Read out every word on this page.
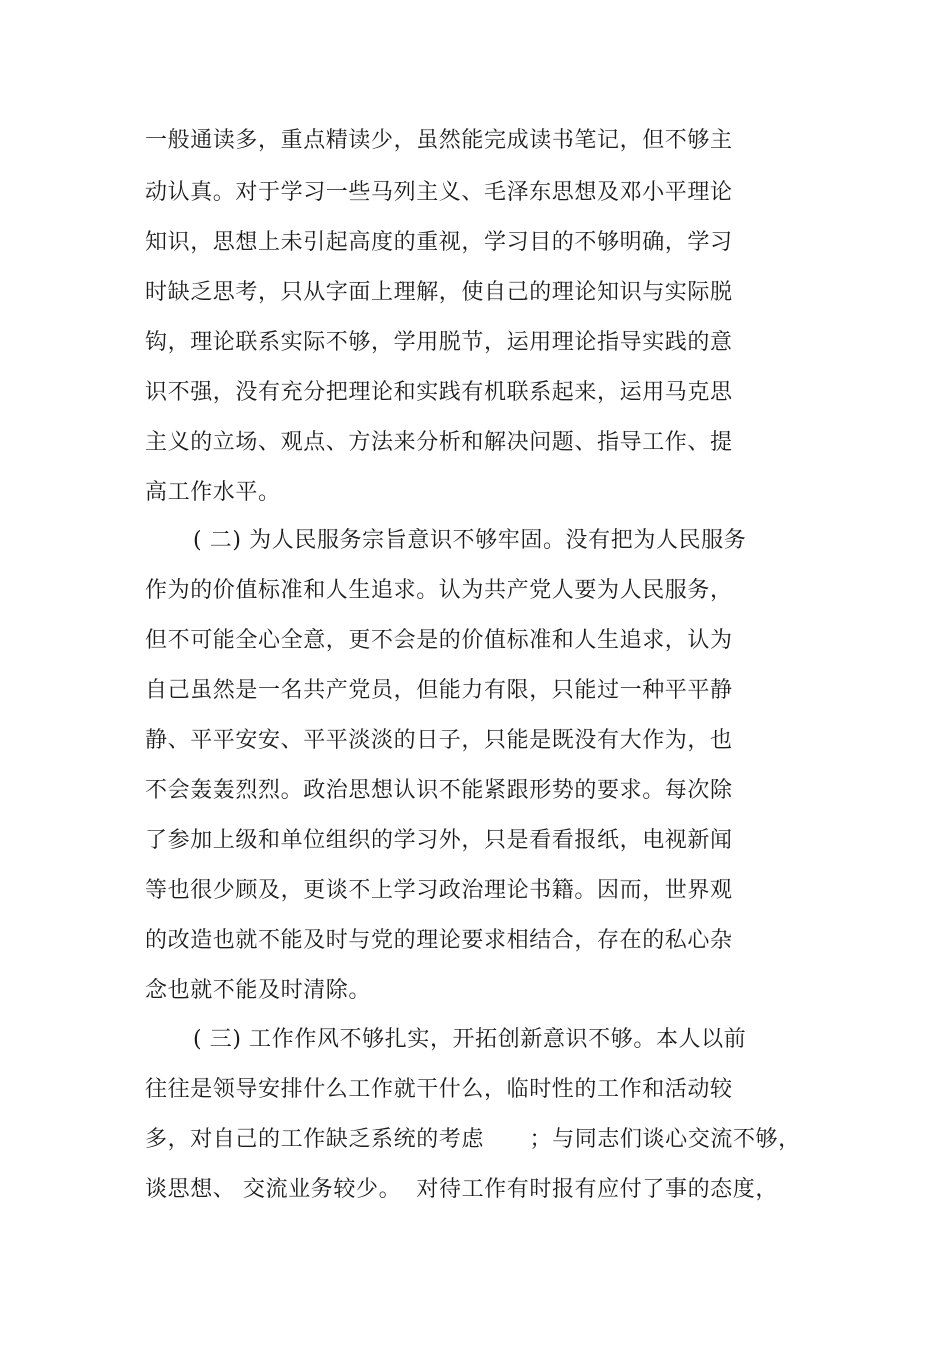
一般通读多，重点精读少，虽然能完成读书笔记，但不够主
动认真。对于学习一些马列主义、毛泽东思想及邓小平理论
知识，思想上未引起高度的重视，学习目的不够明确，学习
时缺乏思考，只从字面上理解，使自己的理论知识与实际脱
钩，理论联系实际不够，学用脱节，运用理论指导实践的意
识不强，没有充分把理论和实践有机联系起来，运用马克思
主义的立场、观点、方法来分析和解决问题、指导工作、提
高工作水平。
( 二) 为人民服务宗旨意识不够牢固。没有把为人民服务
作为的价值标准和人生追求。认为共产党人要为人民服务，
但不可能全心全意，更不会是的价值标准和人生追求，认为
自己虽然是一名共产党员，但能力有限，只能过一种平平静
静、平平安安、平平淡淡的日子，只能是既没有大作为，也
不会轰轰烈烈。政治思想认识不能紧跟形势的要求。每次除
了参加上级和单位组织的学习外，只是看看报纸，电视新闻
等也很少顾及，更谈不上学习政治理论书籍。因而，世界观
的改造也就不能及时与党的理论要求相结合，存在的私心杂
念也就不能及时清除。
( 三) 工作作风不够扎实，开拓创新意识不够。本人以前
往往是领导安排什么工作就干什么，临时性的工作和活动较
多，对自己的工作缺乏系统的考虑      ；与同志们谈心交流不够，
谈思想、 交流业务较少。  对待工作有时报有应付了事的态度，
